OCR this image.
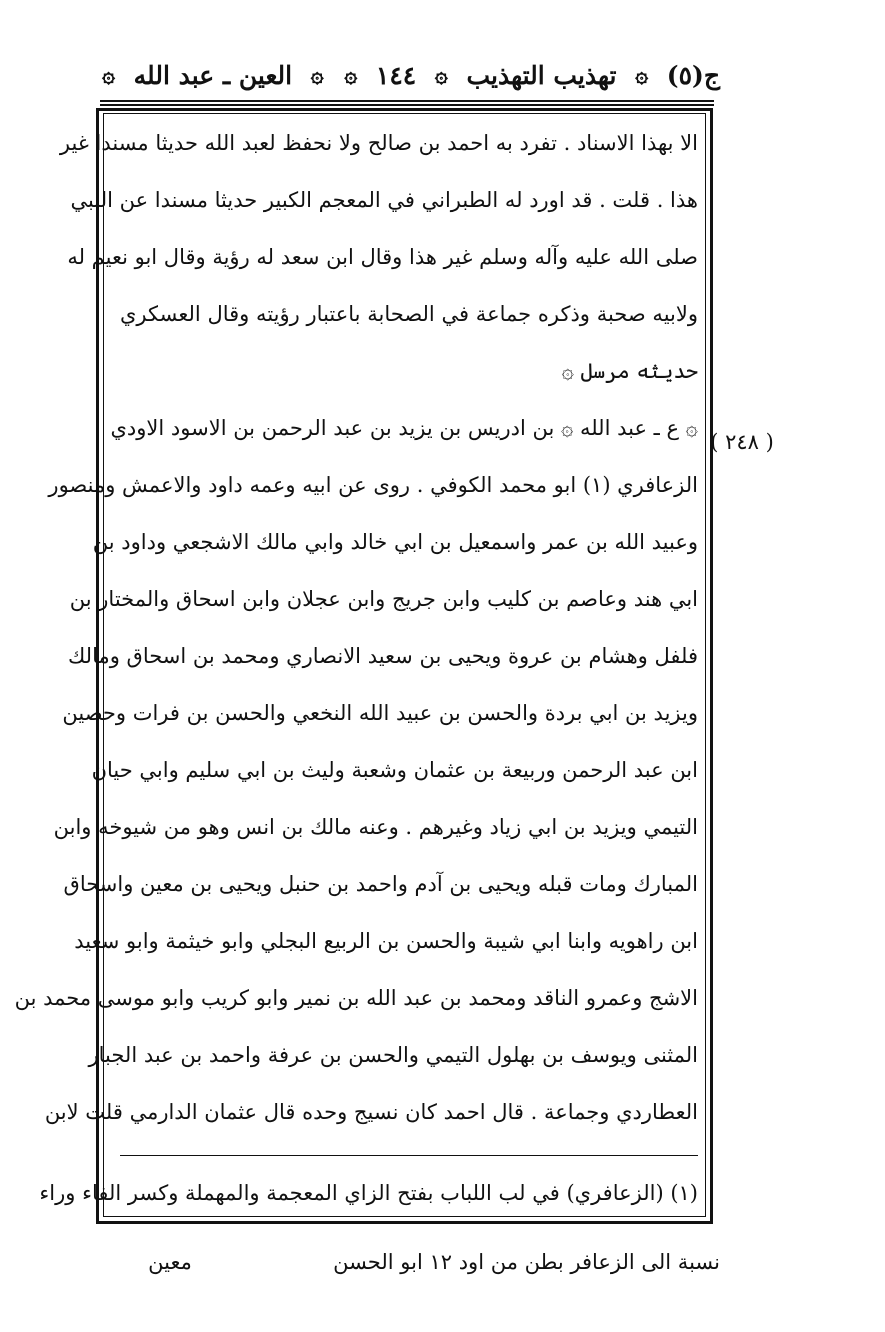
ج(٥)
۞
تهذيب التهذيب
۞
١٤٤
۞
۞
العين ـ عبد الله
۞
الا بهذا الاسناد . تفرد به احمد بن صالح ولا نحفظ لعبد الله حديثا مسندا غير
هذا . قلت . قد اورد له الطبراني في المعجم الكبير حديثا مسندا عن النبي
صلى الله عليه وآله وسلم غير هذا وقال ابن سعد له رؤية وقال ابو نعيم له
ولابيه صحبة وذكره جماعة في الصحابة باعتبار رؤيته وقال العسكري
حديثه مرسل ۞
۞ ع ـ عبد الله ۞ بن ادريس بن يزيد بن عبد الرحمن بن الاسود الاودي
الزعافري (١) ابو محمد الكوفي . روى عن ابيه وعمه داود والاعمش ومنصور
وعبيد الله بن عمر واسمعيل بن ابي خالد وابي مالك الاشجعي وداود بن
ابي هند وعاصم بن كليب وابن جريج وابن عجلان وابن اسحاق والمختار بن
فلفل وهشام بن عروة ويحيى بن سعيد الانصاري ومحمد بن اسحاق ومالك
ويزيد بن ابي بردة والحسن بن عبيد الله النخعي والحسن بن فرات وحصين
ابن عبد الرحمن وربيعة بن عثمان وشعبة وليث بن ابي سليم وابي حيان
التيمي ويزيد بن ابي زياد وغيرهم . وعنه مالك بن انس وهو من شيوخه وابن
المبارك ومات قبله ويحيى بن آدم واحمد بن حنبل ويحيى بن معين واسحاق
ابن راهويه وابنا ابي شيبة والحسن بن الربيع البجلي وابو خيثمة وابو سعيد
الاشج وعمرو الناقد ومحمد بن عبد الله بن نمير وابو كريب وابو موسى محمد بن
المثنى ويوسف بن بهلول التيمي والحسن بن عرفة واحمد بن عبد الجبار
العطاردي وجماعة . قال احمد كان نسيج وحده قال عثمان الدارمي قلت لابن
(١) (الزعافري) في لب اللباب بفتح الزاي المعجمة والمهملة وكسر الفاء وراء
( ٢٤٨ )
نسبة الى الزعافر بطن من اود ١٢ ابو الحسن
معين
